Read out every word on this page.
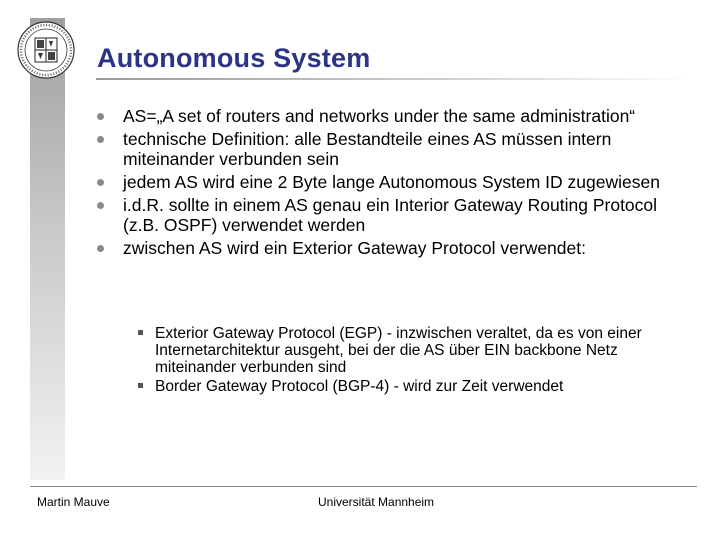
Autonomous System
AS=„A set of routers and networks under the same administration“
technische Definition: alle Bestandteile eines AS müssen intern miteinander verbunden sein
jedem AS wird eine 2 Byte lange Autonomous System ID zugewiesen
i.d.R. sollte in einem AS genau ein Interior Gateway Routing Protocol (z.B. OSPF) verwendet werden
zwischen AS wird ein Exterior Gateway Protocol verwendet:
Exterior Gateway Protocol (EGP) - inzwischen veraltet, da es von einer Internetarchitektur ausgeht, bei der die AS über EIN backbone Netz miteinander verbunden sind
Border Gateway Protocol (BGP-4) - wird zur Zeit verwendet
Martin Mauve	Universität Mannheim
